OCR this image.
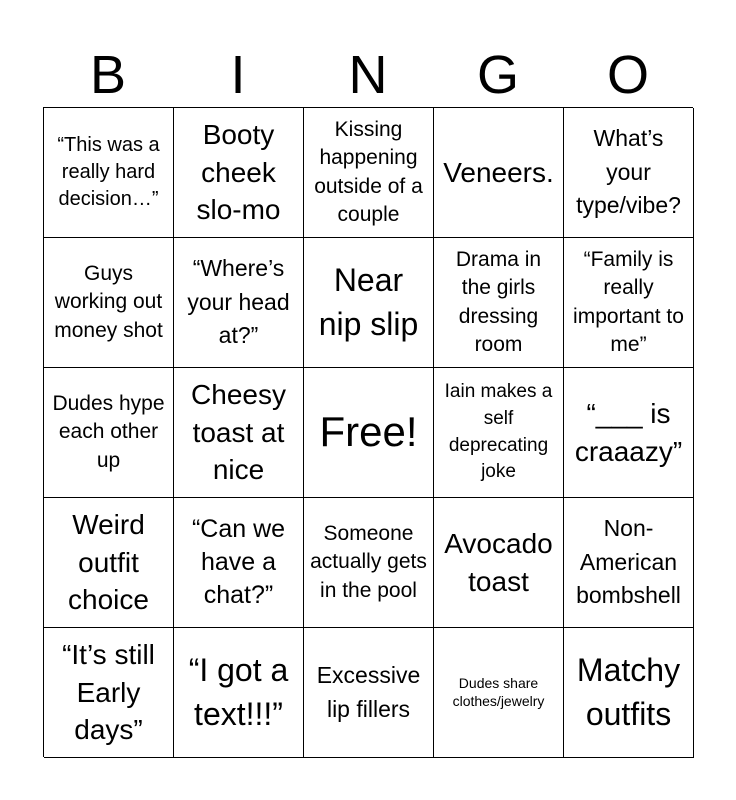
B	I	N	G	O
“This was a really hard decision…”
Booty cheek slo-mo
Kissing happening outside of a couple
Veneers.
What’s your type/vibe?
Guys working out money shot
“Where’s your head at?”
Near nip slip
Drama in the girls dressing room
“Family is really important to me”
Dudes hype each other up
Cheesy toast at nice
Free!
Iain makes a self deprecating joke
“___ is craaazy”
Weird outfit choice
“Can we have a chat?”
Someone actually gets in the pool
Avocado toast
Non-American bombshell
“It’s still Early days”
“I got a text!!!”
Excessive lip fillers
Dudes share clothes/jewelry
Matchy outfits
